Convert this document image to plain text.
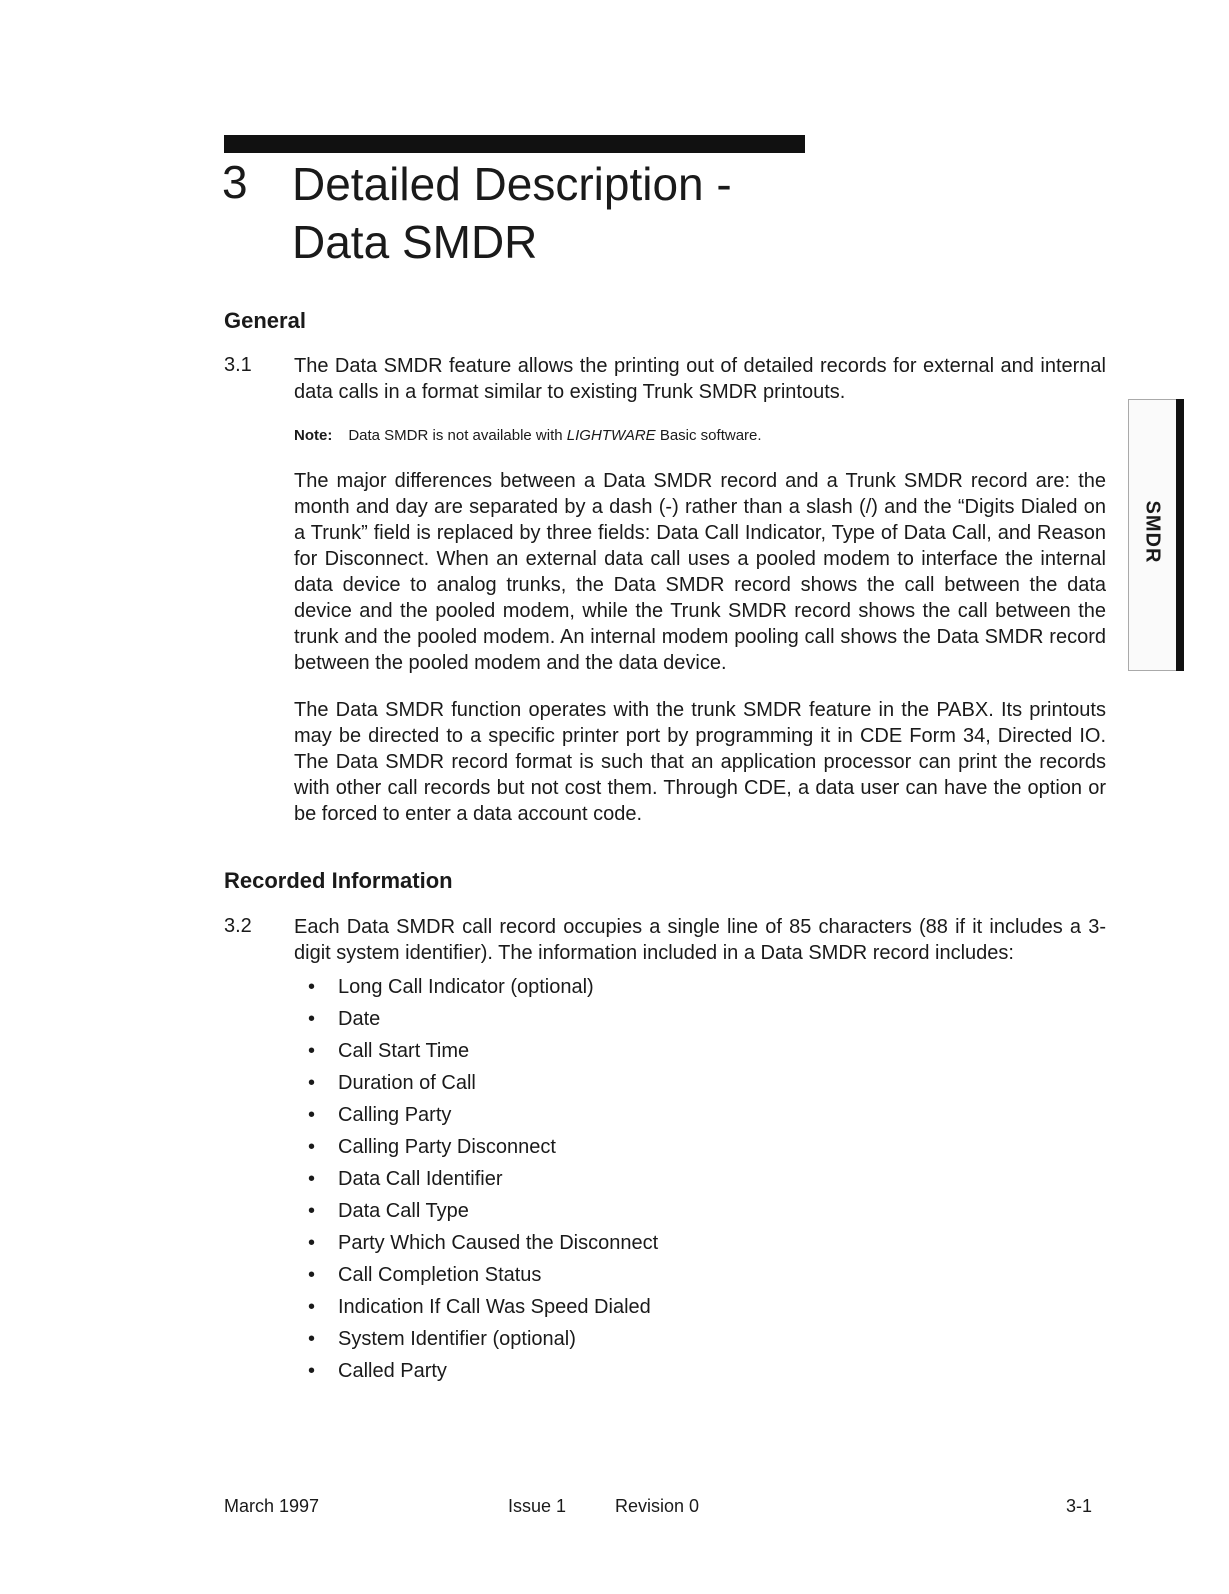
3 Detailed Description -
Data SMDR
SMDR
General
3.1 The Data SMDR feature allows the printing out of detailed records for external and internal data calls in a format similar to existing Trunk SMDR printouts.
Note: Data SMDR is not available with LIGHTWARE Basic software.
The major differences between a Data SMDR record and a Trunk SMDR record are: the month and day are separated by a dash (-) rather than a slash (/) and the “Digits Dialed on a Trunk” field is replaced by three fields: Data Call Indicator, Type of Data Call, and Reason for Disconnect. When an external data call uses a pooled modem to interface the internal data device to analog trunks, the Data SMDR record shows the call between the data device and the pooled modem, while the Trunk SMDR record shows the call between the trunk and the pooled modem. An internal modem pooling call shows the Data SMDR record between the pooled modem and the data device.
The Data SMDR function operates with the trunk SMDR feature in the PABX. Its printouts may be directed to a specific printer port by programming it in CDE Form 34, Directed IO. The Data SMDR record format is such that an application processor can print the records with other call records but not cost them. Through CDE, a data user can have the option or be forced to enter a data account code.
Recorded Information
3.2 Each Data SMDR call record occupies a single line of 85 characters (88 if it includes a 3-digit system identifier). The information included in a Data SMDR record includes:
• Long Call Indicator (optional)
• Date
• Call Start Time
• Duration of Call
• Calling Party
• Calling Party Disconnect
• Data Call Identifier
• Data Call Type
• Party Which Caused the Disconnect
• Call Completion Status
• Indication If Call Was Speed Dialed
• System Identifier (optional)
• Called Party
March 1997	Issue 1	Revision 0	3-1
